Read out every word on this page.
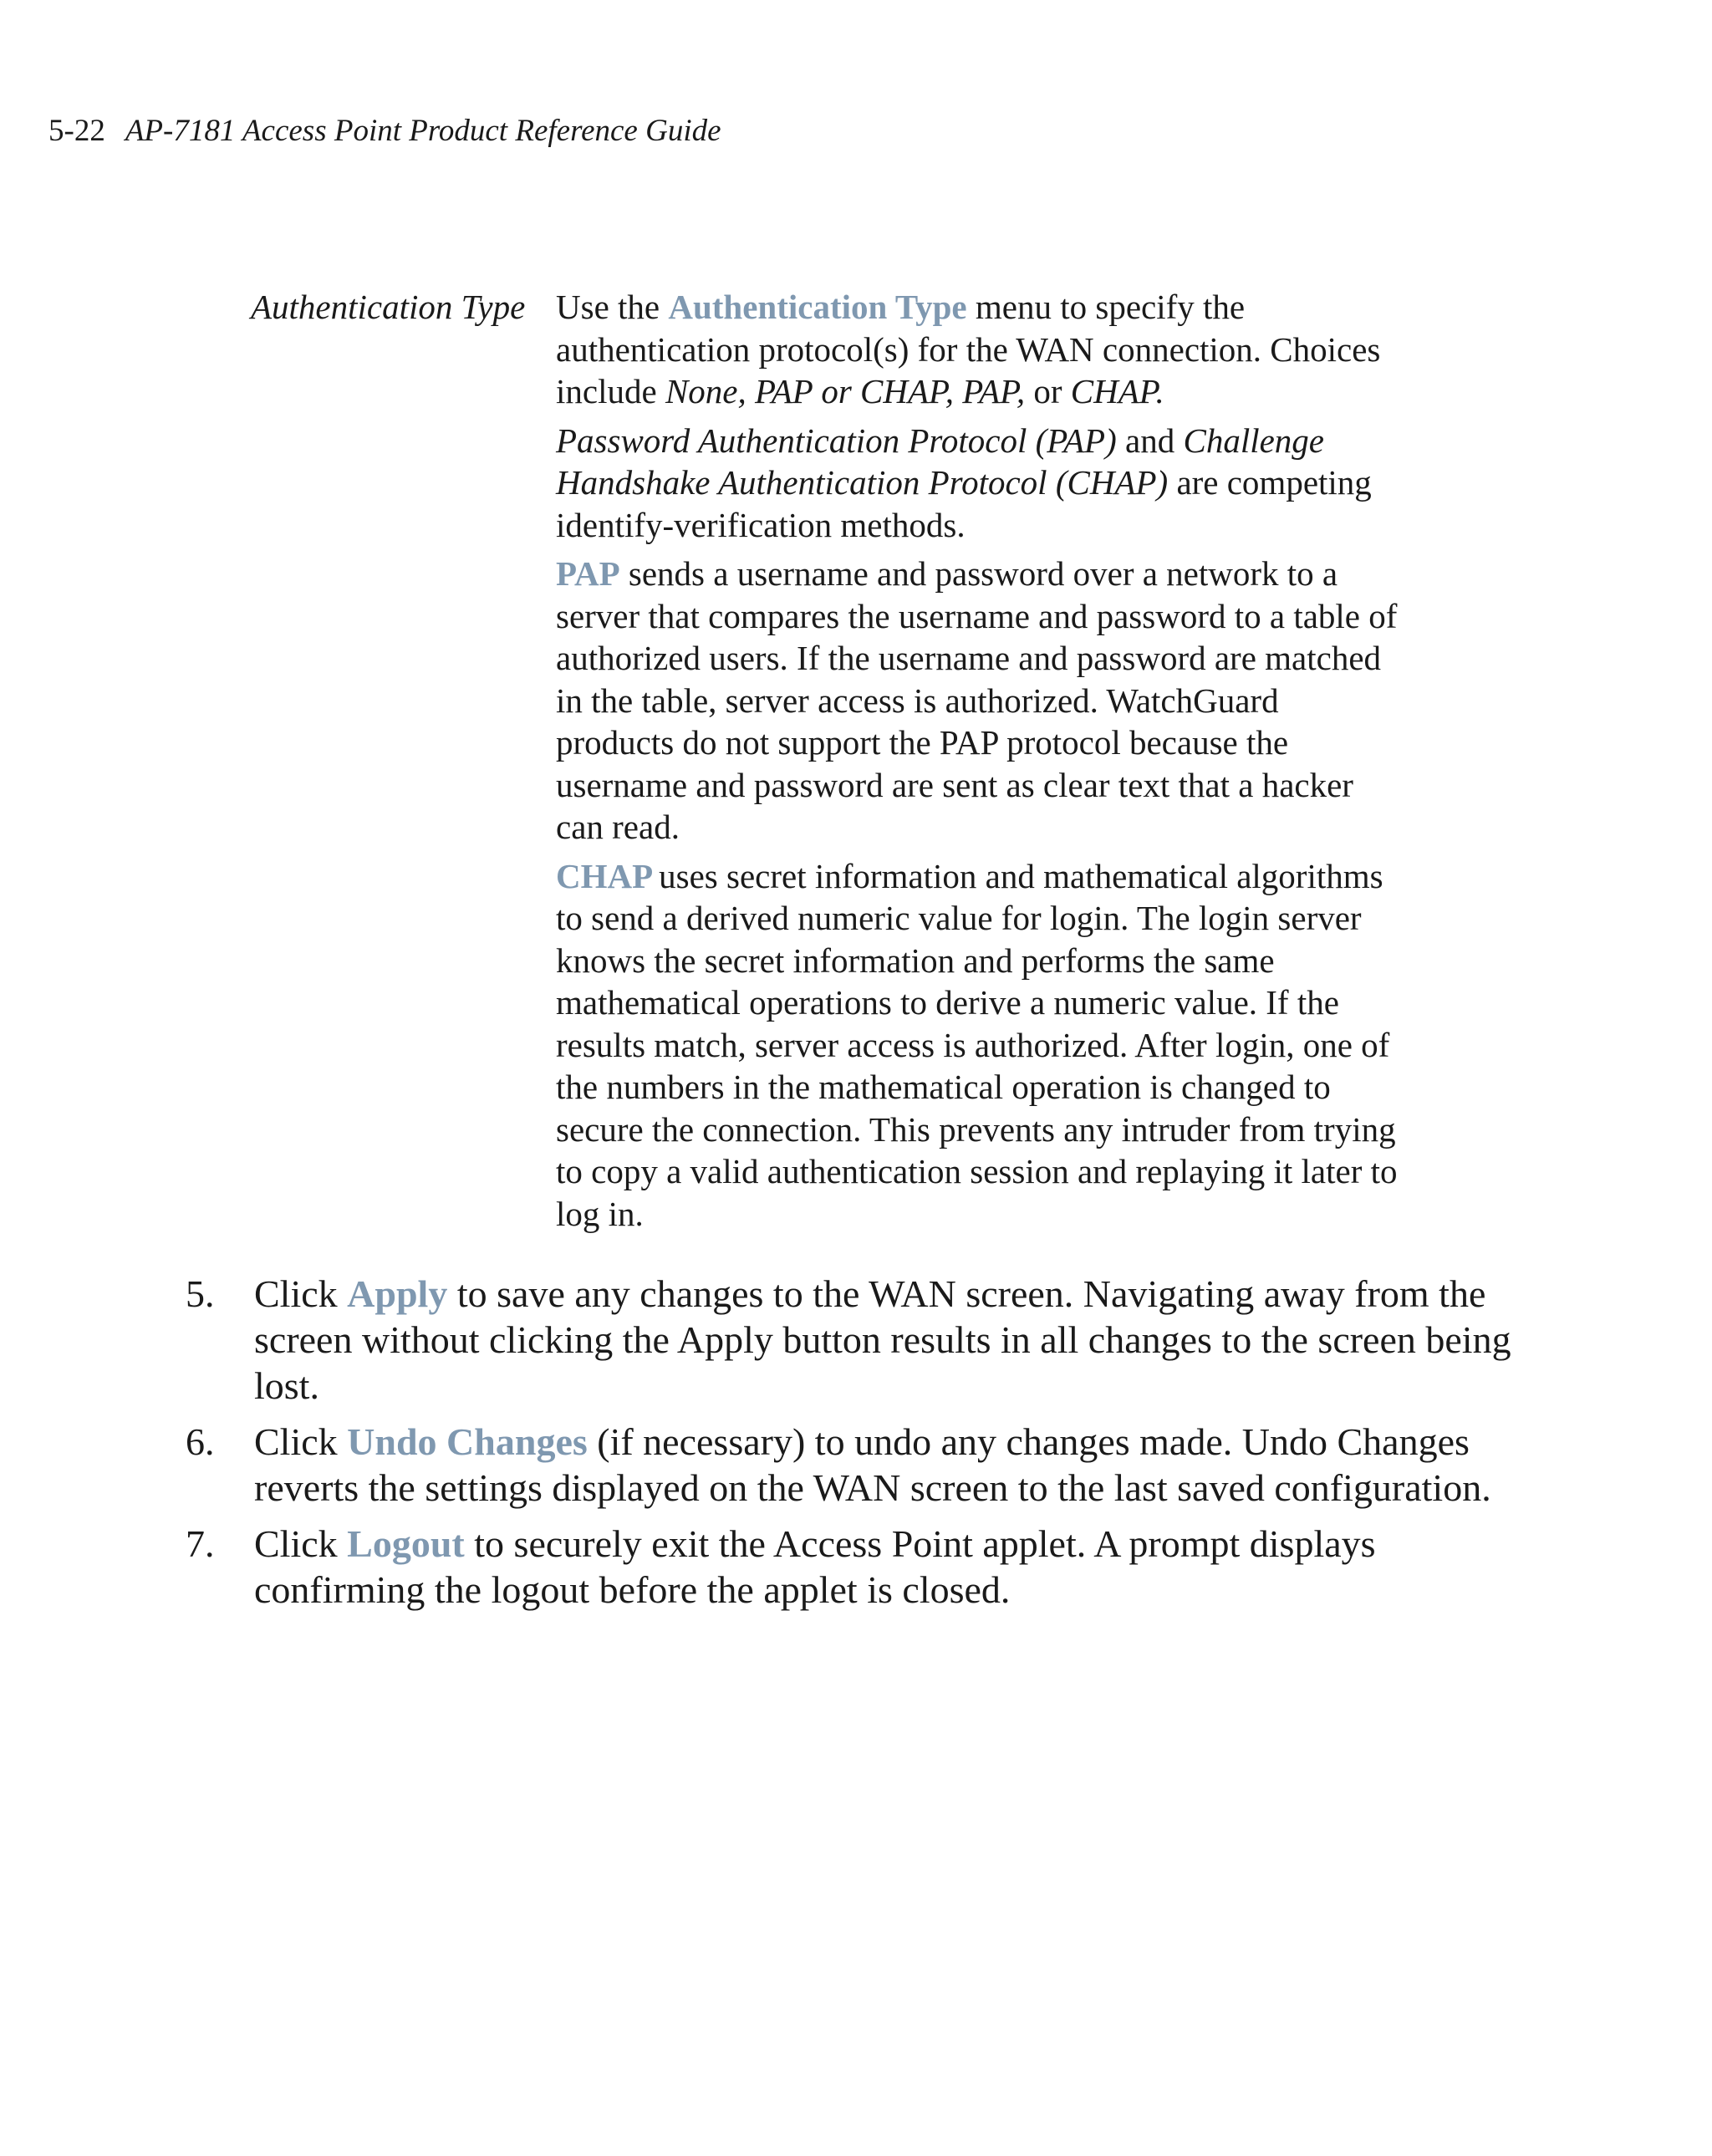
5-22 AP-7181 Access Point Product Reference Guide
Authentication Type Use the Authentication Type menu to specify the authentication protocol(s) for the WAN connection. Choices include None, PAP or CHAP, PAP, or CHAP.

Password Authentication Protocol (PAP) and Challenge Handshake Authentication Protocol (CHAP) are competing identify-verification methods.

PAP sends a username and password over a network to a server that compares the username and password to a table of authorized users. If the username and password are matched in the table, server access is authorized. WatchGuard products do not support the PAP protocol because the username and password are sent as clear text that a hacker can read.

CHAP uses secret information and mathematical algorithms to send a derived numeric value for login. The login server knows the secret information and performs the same mathematical operations to derive a numeric value. If the results match, server access is authorized. After login, one of the numbers in the mathematical operation is changed to secure the connection. This prevents any intruder from trying to copy a valid authentication session and replaying it later to log in.

5. Click Apply to save any changes to the WAN screen. Navigating away from the screen without clicking the Apply button results in all changes to the screen being lost.
6. Click Undo Changes (if necessary) to undo any changes made. Undo Changes reverts the settings displayed on the WAN screen to the last saved configuration.
7. Click Logout to securely exit the Access Point applet. A prompt displays confirming the logout before the applet is closed.
